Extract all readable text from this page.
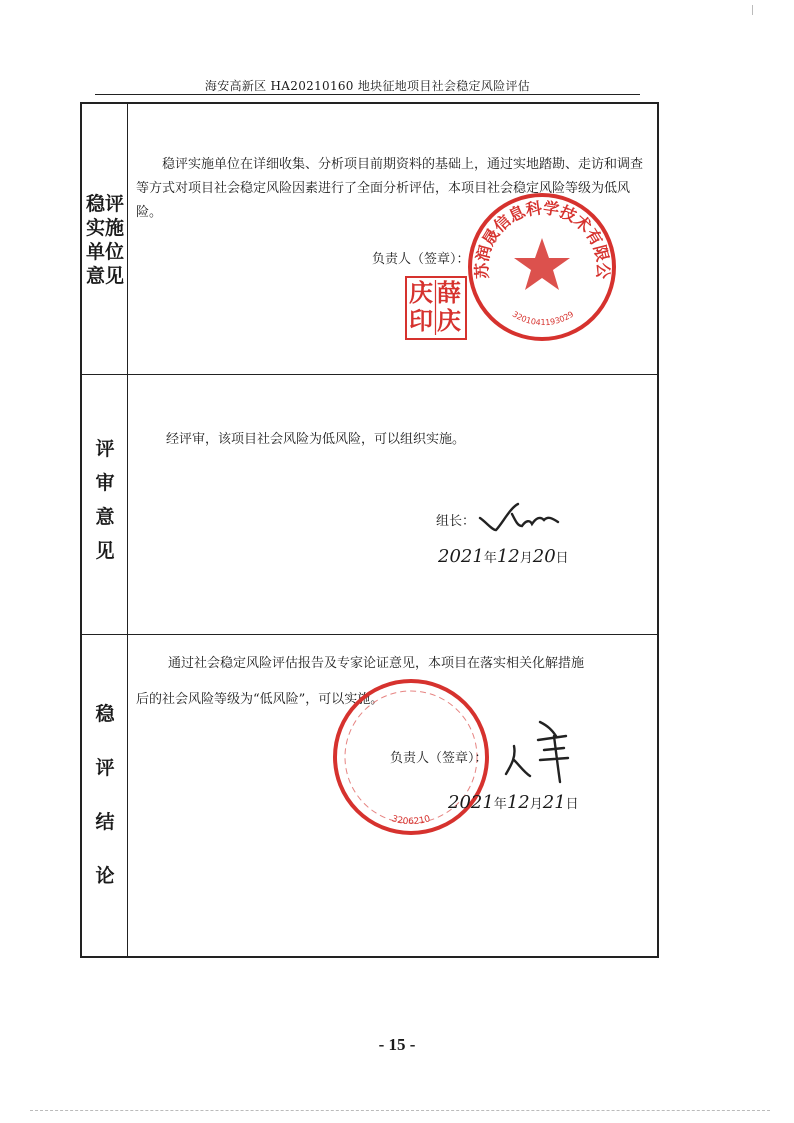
海安高新区 HA20210160 地块征地项目社会稳定风险评估
稳评
实施
单位
意见
稳评实施单位在详细收集、分析项目前期资料的基础上，通过实地踏勘、走访和调查等方式对项目社会稳定风险因素进行了全面分析评估，本项目社会稳定风险等级为低风险。
负责人（签章）：
庆印
薛庆
苏润晟信息科学技术有限公
3201041193029
评
审
意
见
经评审，该项目社会风险为低风险，可以组织实施。
组长：
2021年12月20日
稳
评
结
论
通过社会稳定风险评估报告及专家论证意见，本项目在落实相关化解措施
后的社会风险等级为“低风险”，可以实施。
3206210
负责人（签章）：
2021年12月21日
- 15 -
